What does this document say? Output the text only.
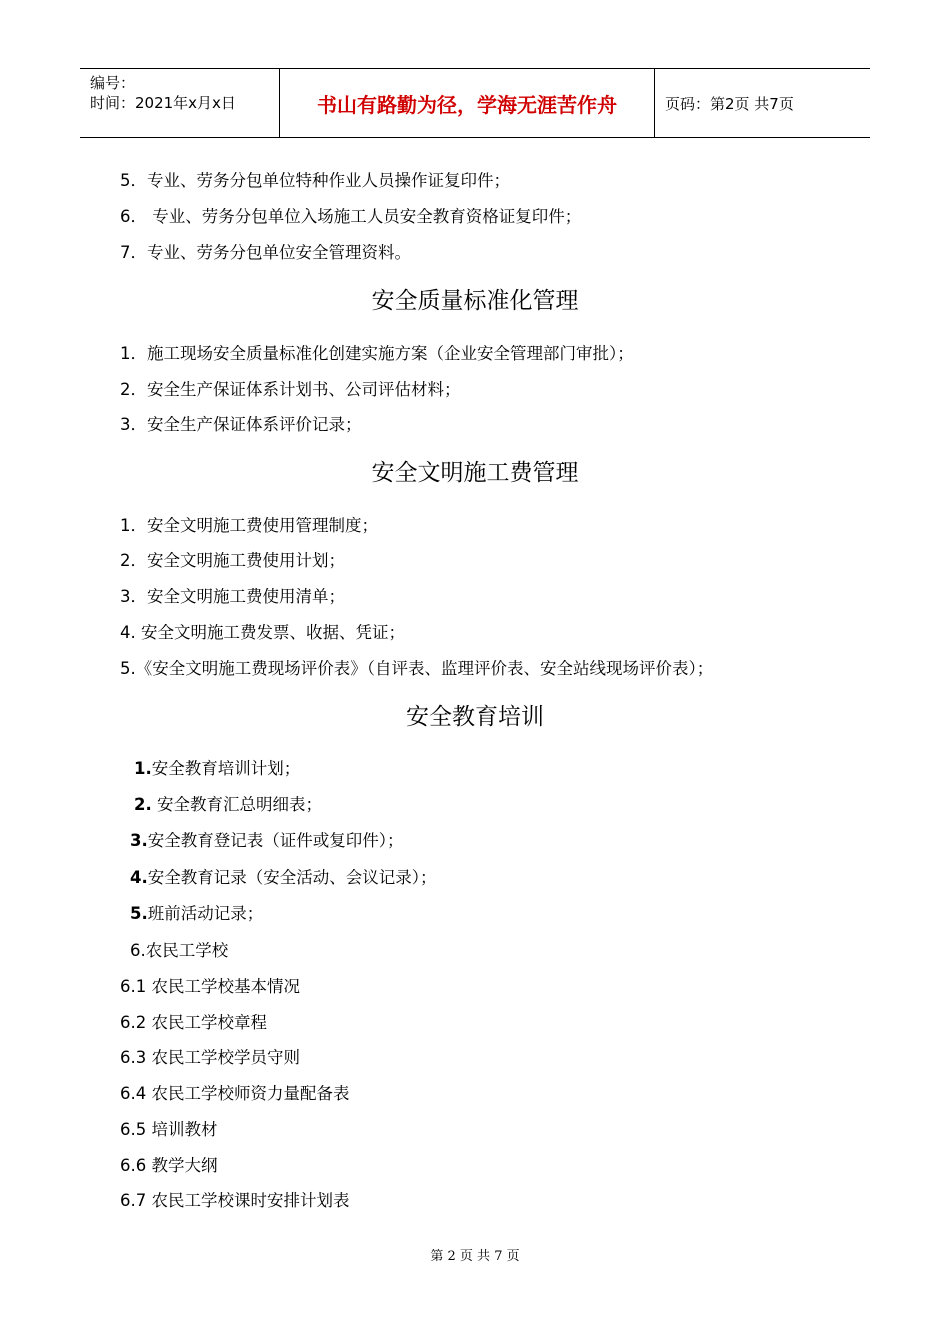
编号：
时间：2021年x月x日	书山有路勤为径，学海无涯苦作舟	页码：第2页 共7页
5．专业、劳务分包单位特种作业人员操作证复印件；
6． 专业、劳务分包单位入场施工人员安全教育资格证复印件；
7．专业、劳务分包单位安全管理资料。
安全质量标准化管理
1．施工现场安全质量标准化创建实施方案（企业安全管理部门审批）；
2．安全生产保证体系计划书、公司评估材料；
3．安全生产保证体系评价记录；
安全文明施工费管理
1．安全文明施工费使用管理制度；
2．安全文明施工费使用计划；
3．安全文明施工费使用清单；
4. 安全文明施工费发票、收据、凭证；
5.《安全文明施工费现场评价表》（自评表、监理评价表、安全站线现场评价表）；
安全教育培训
1.安全教育培训计划；
2. 安全教育汇总明细表；
3.安全教育登记表（证件或复印件）；
4.安全教育记录（安全活动、会议记录）；
5.班前活动记录；
6.农民工学校
6.1 农民工学校基本情况
6.2 农民工学校章程
6.3 农民工学校学员守则
6.4 农民工学校师资力量配备表
6.5 培训教材
6.6 教学大纲
6.7 农民工学校课时安排计划表
第 2 页 共 7 页
